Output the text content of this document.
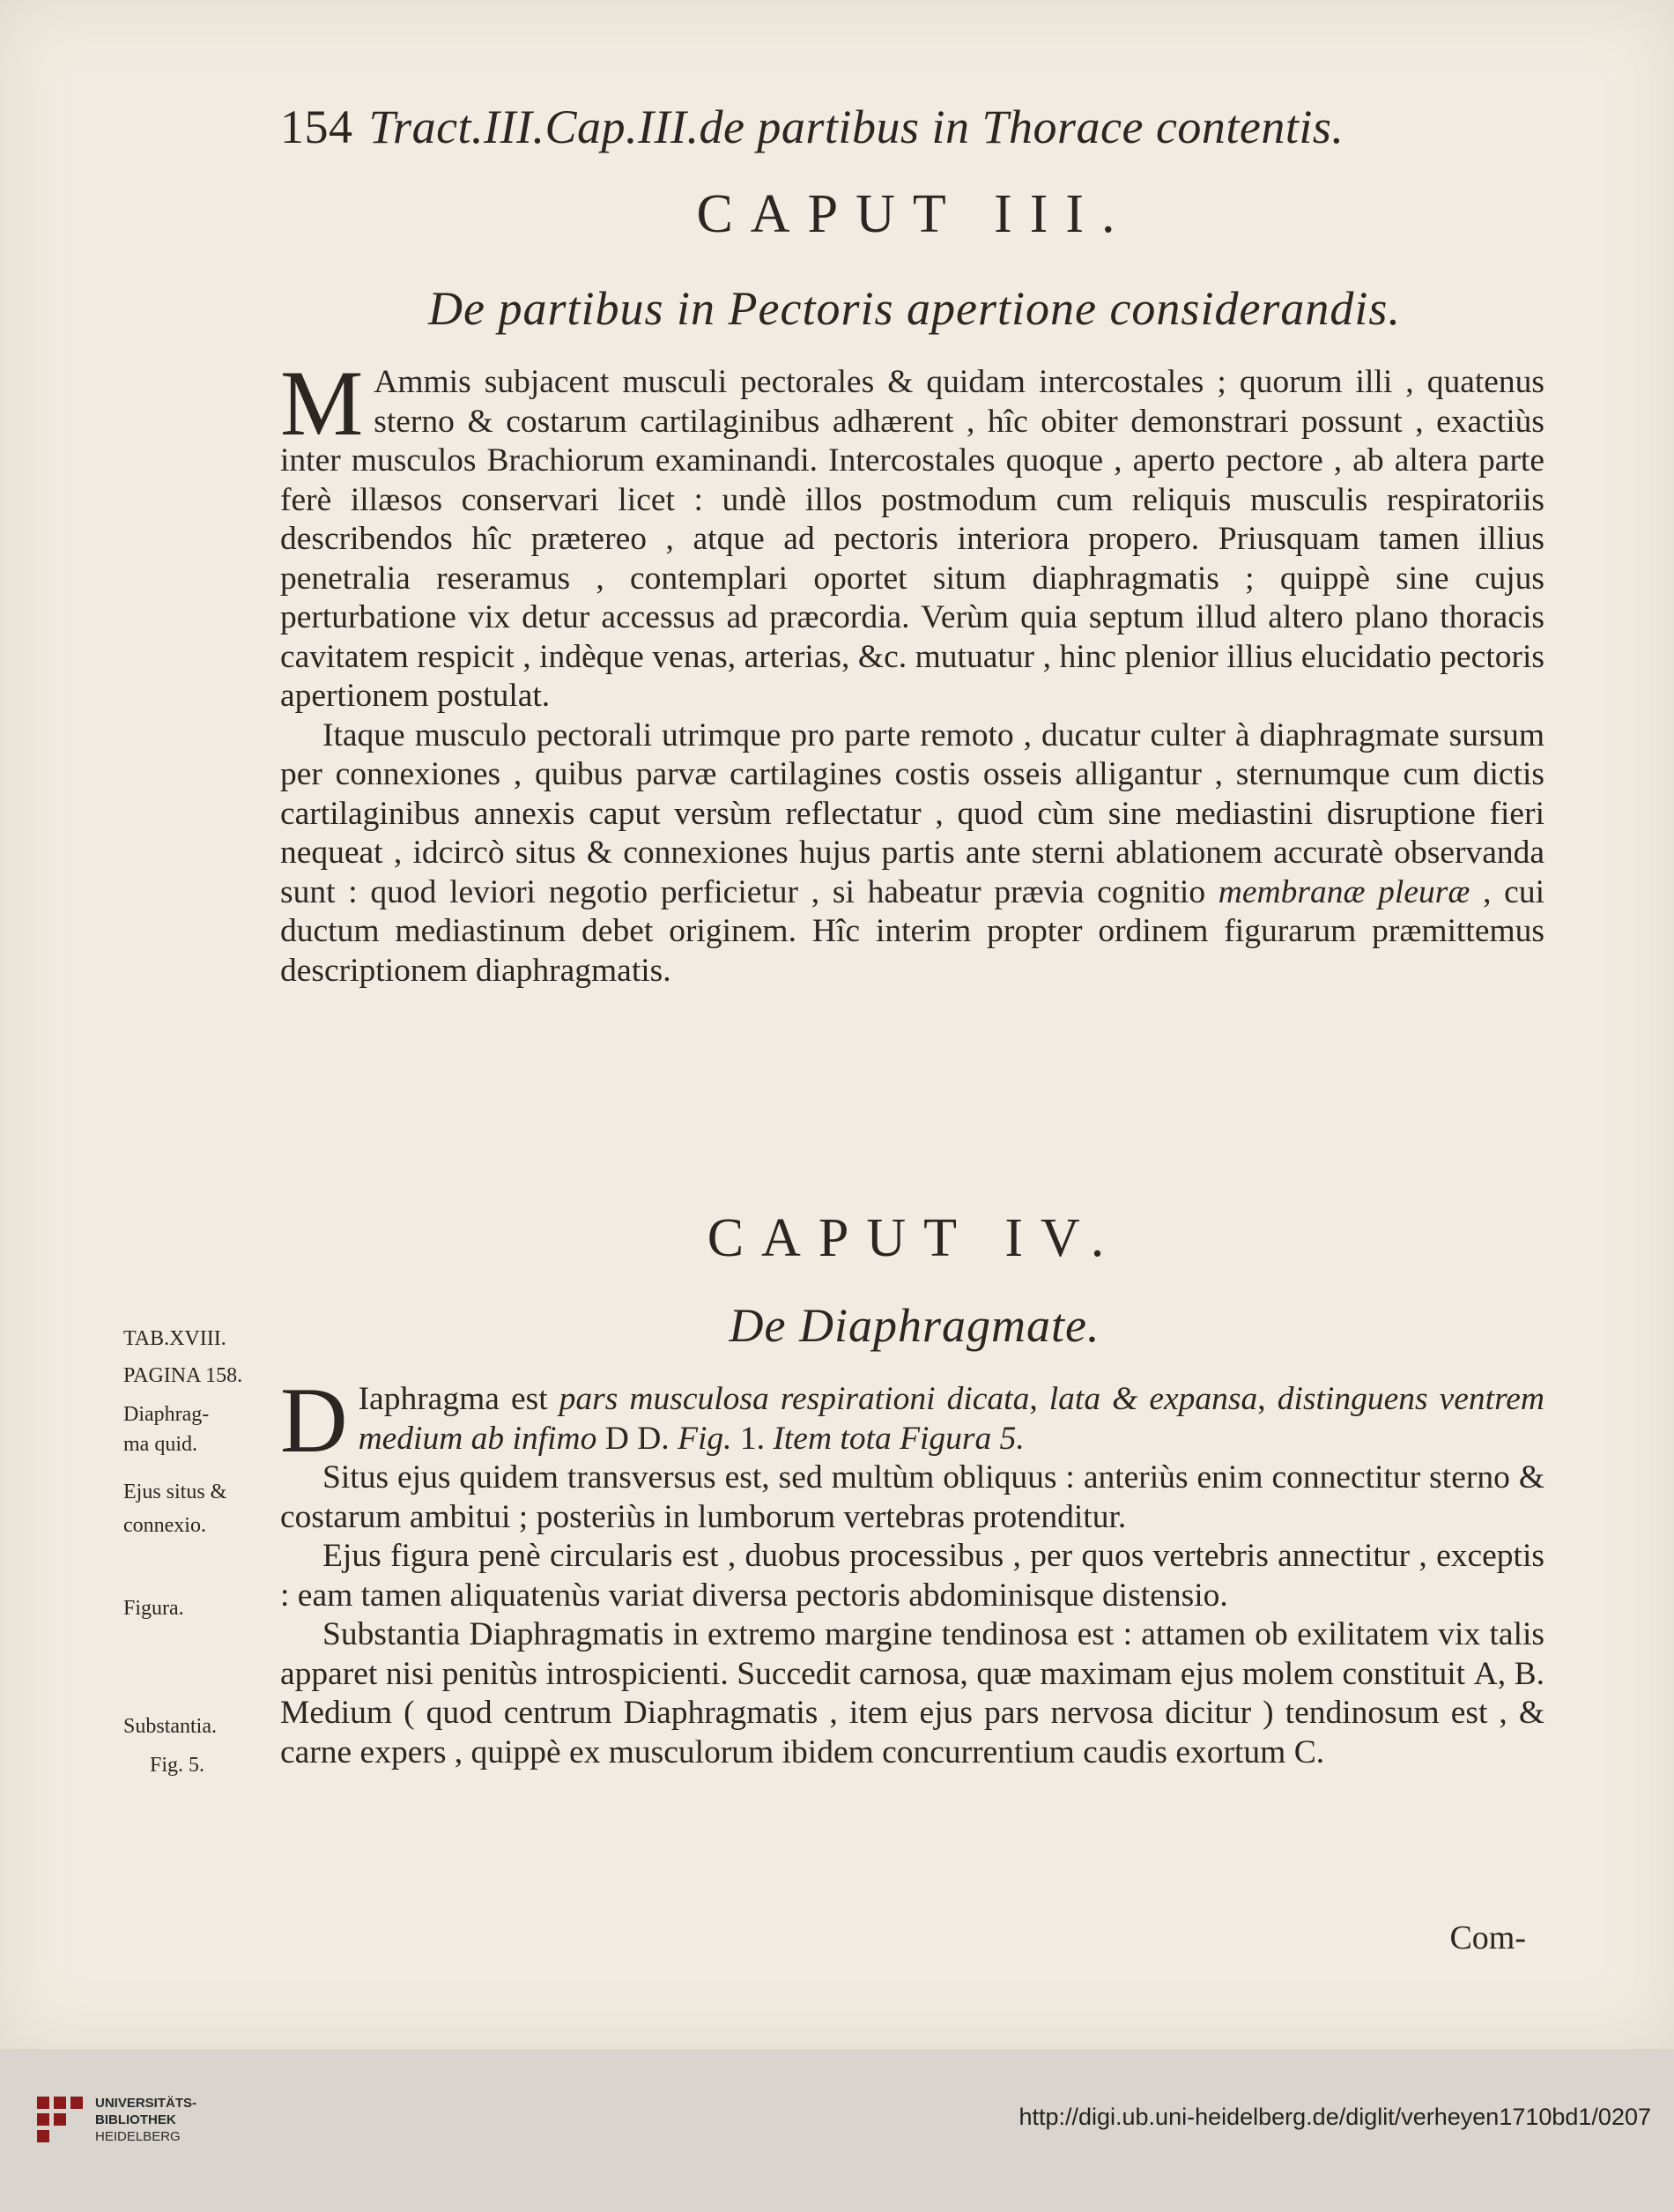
154 Tract.III.Cap.III.de partibus in Thorace contentis.
CAPUT III.
De partibus in Pectoris apertione considerandis.

M Ammis subjacent musculi pectorales & quidam intercostales ; quorum illi , quatenus sterno & costarum cartilaginibus adhærent , hîc obiter demonstrari possunt , exactiùs inter musculos Brachiorum examinandi. Intercostales quoque , aperto pectore , ab altera parte ferè illæsos conservari licet : undè illos postmodum cum reliquis musculis respiratoriis describendos hîc prætereo , atque ad pectoris interiora propero. Priusquam tamen illius penetralia reseramus , contemplari oportet situm diaphragmatis ; quippè sine cujus perturbatione vix detur accessus ad præcordia. Verùm quia septum illud altero plano thoracis cavitatem respicit , indèque venas, arterias, &c. mutuatur , hinc plenior illius elucidatio pectoris apertionem postulat.

Itaque musculo pectorali utrimque pro parte remoto , ducatur culter à diaphragmate sursum per connexiones , quibus parvæ cartilagines costis osseis alligantur , sternumque cum dictis cartilaginibus annexis caput versùm reflectatur , quod cùm sine mediastini disruptione fieri nequeat , idcircò situs & connexiones hujus partis ante sterni ablationem accuratè observanda sunt : quod leviori negotio perficietur , si habeatur prævia cognitio membranæ pleuræ , cui ductum mediastinum debet originem. Hîc interim propter ordinem figurarum præmittemus descriptionem diaphragmatis.

CAPUT IV.
De Diaphragmate.

D Iaphragma est pars musculosa respirationi dicata, lata & expansa, distinguens ventrem medium ab infimo D D. Fig. 1. Item tota Figura 5.

Situs ejus quidem transversus est, sed multùm obliquus : anteriùs enim connectitur sterno & costarum ambitui ; posteriùs in lumborum vertebras protenditur.

Ejus figura penè circularis est , duobus processibus , per quos vertebris annectitur , exceptis : eam tamen aliquatenùs variat diversa pectoris abdominisque distensio.

Substantia Diaphragmatis in extremo margine tendinosa est : attamen ob exilitatem vix talis apparet nisi penitùs introspicienti. Succedit carnosa, quæ maximam ejus molem constituit A, B. Medium ( quod centrum Diaphragmatis , item ejus pars nervosa dicitur ) tendinosum est , & carne expers , quippè ex musculorum ibidem concurrentium caudis exortum C.

Com-
TAB.XVIII.
PAGINA 158.
Diaphrag-
ma quid.
Ejus situs &
connexio.
Figura.
Substantia.
Fig. 5.
UNIVERSITÄTS-
BIBLIOTHEK
HEIDELBERG
http://digi.ub.uni-heidelberg.de/diglit/verheyen1710bd1/0207
